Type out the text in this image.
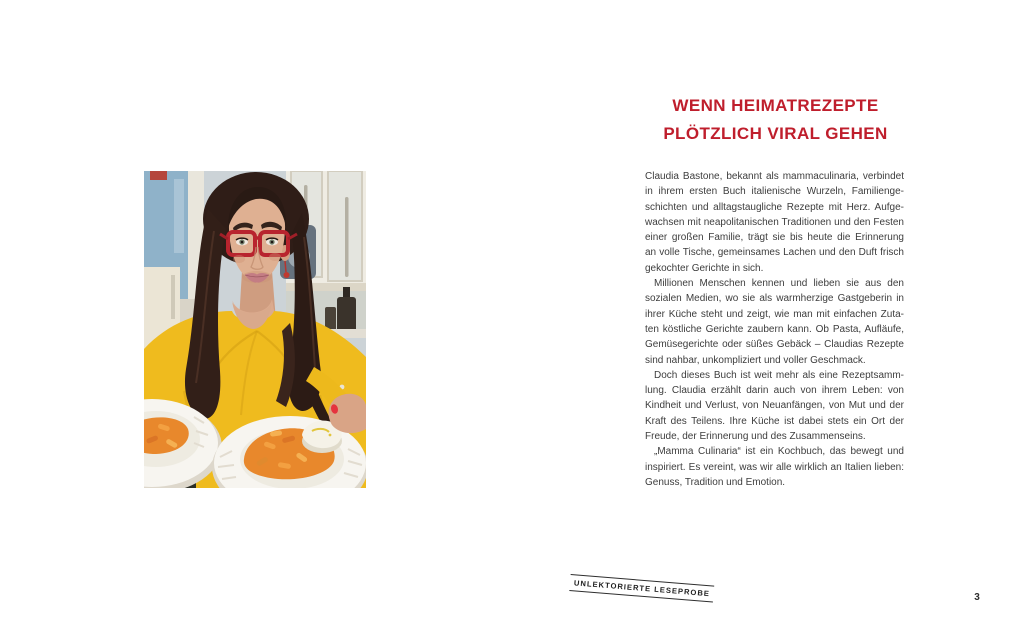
WENN HEIMATREZEPTE
PLÖTZLICH VIRAL GEHEN
Claudia Bastone, bekannt als mammaculinaria, verbindet
in ihrem ersten Buch italienische Wurzeln, Familienge-
schichten und alltagstaugliche Rezepte mit Herz. Aufge-
wachsen mit neapolitanischen Traditionen und den Festen
einer großen Familie, trägt sie bis heute die Erinnerung
an volle Tische, gemeinsames Lachen und den Duft frisch
gekochter Gerichte in sich.
Millionen Menschen kennen und lieben sie aus den
sozialen Medien, wo sie als warmherzige Gastgeberin in
ihrer Küche steht und zeigt, wie man mit einfachen Zuta-
ten köstliche Gerichte zaubern kann. Ob Pasta, Aufläufe,
Gemüsegerichte oder süßes Gebäck – Claudias Rezepte
sind nahbar, unkompliziert und voller Geschmack.
Doch dieses Buch ist weit mehr als eine Rezeptsamm-
lung. Claudia erzählt darin auch von ihrem Leben: von
Kindheit und Verlust, von Neuanfängen, von Mut und der
Kraft des Teilens. Ihre Küche ist dabei stets ein Ort der
Freude, der Erinnerung und des Zusammenseins.
„Mamma Culinaria“ ist ein Kochbuch, das bewegt und
inspiriert. Es vereint, was wir alle wirklich an Italien lieben:
Genuss, Tradition und Emotion.
UNLEKTORIERTE LESEPROBE	3
